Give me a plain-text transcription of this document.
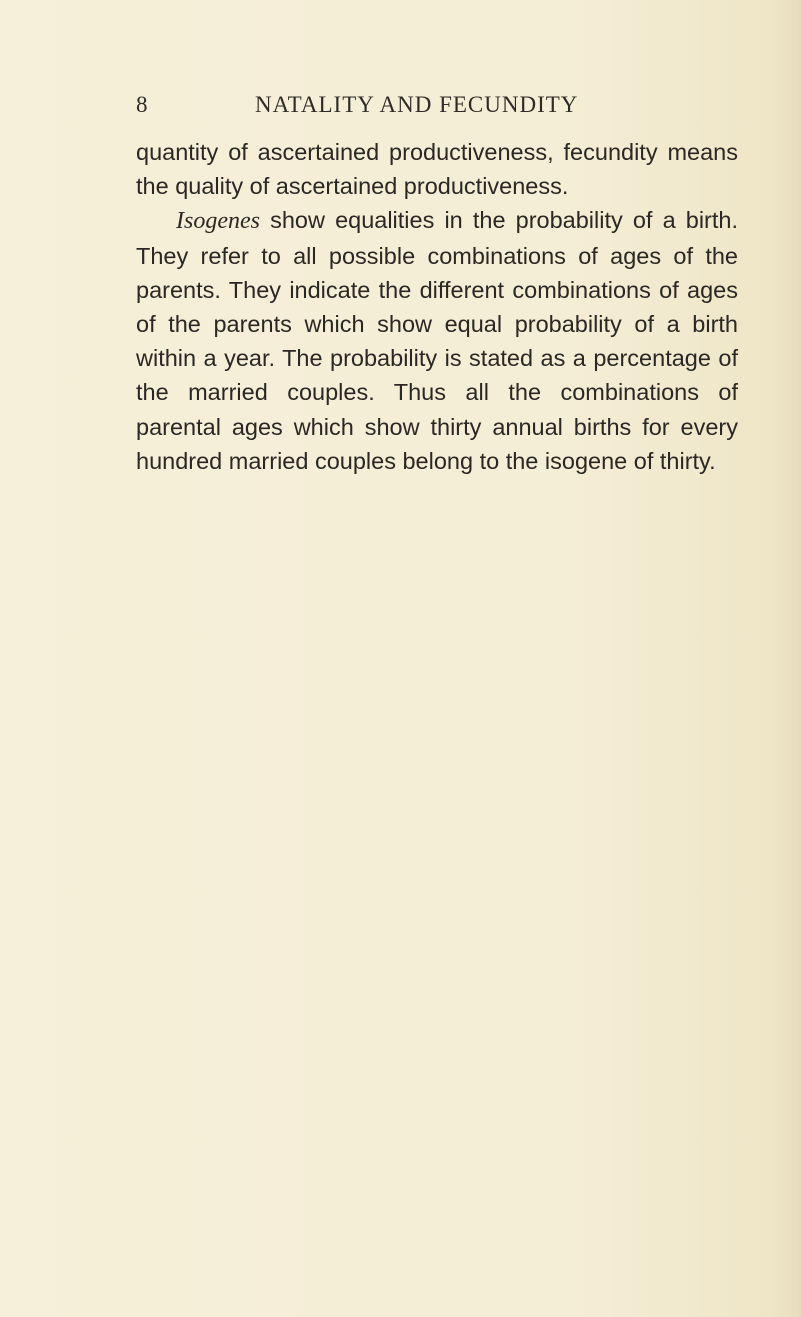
8	NATALITY AND FECUNDITY

quantity of ascertained productiveness, fecundity means the quality of ascertained productiveness.

Isogenes show equalities in the probability of a birth. They refer to all possible combinations of ages of the parents. They indicate the different combinations of ages of the parents which show equal probability of a birth within a year. The probability is stated as a percentage of the married couples. Thus all the combinations of parental ages which show thirty annual births for every hundred married couples belong to the isogene of thirty.
